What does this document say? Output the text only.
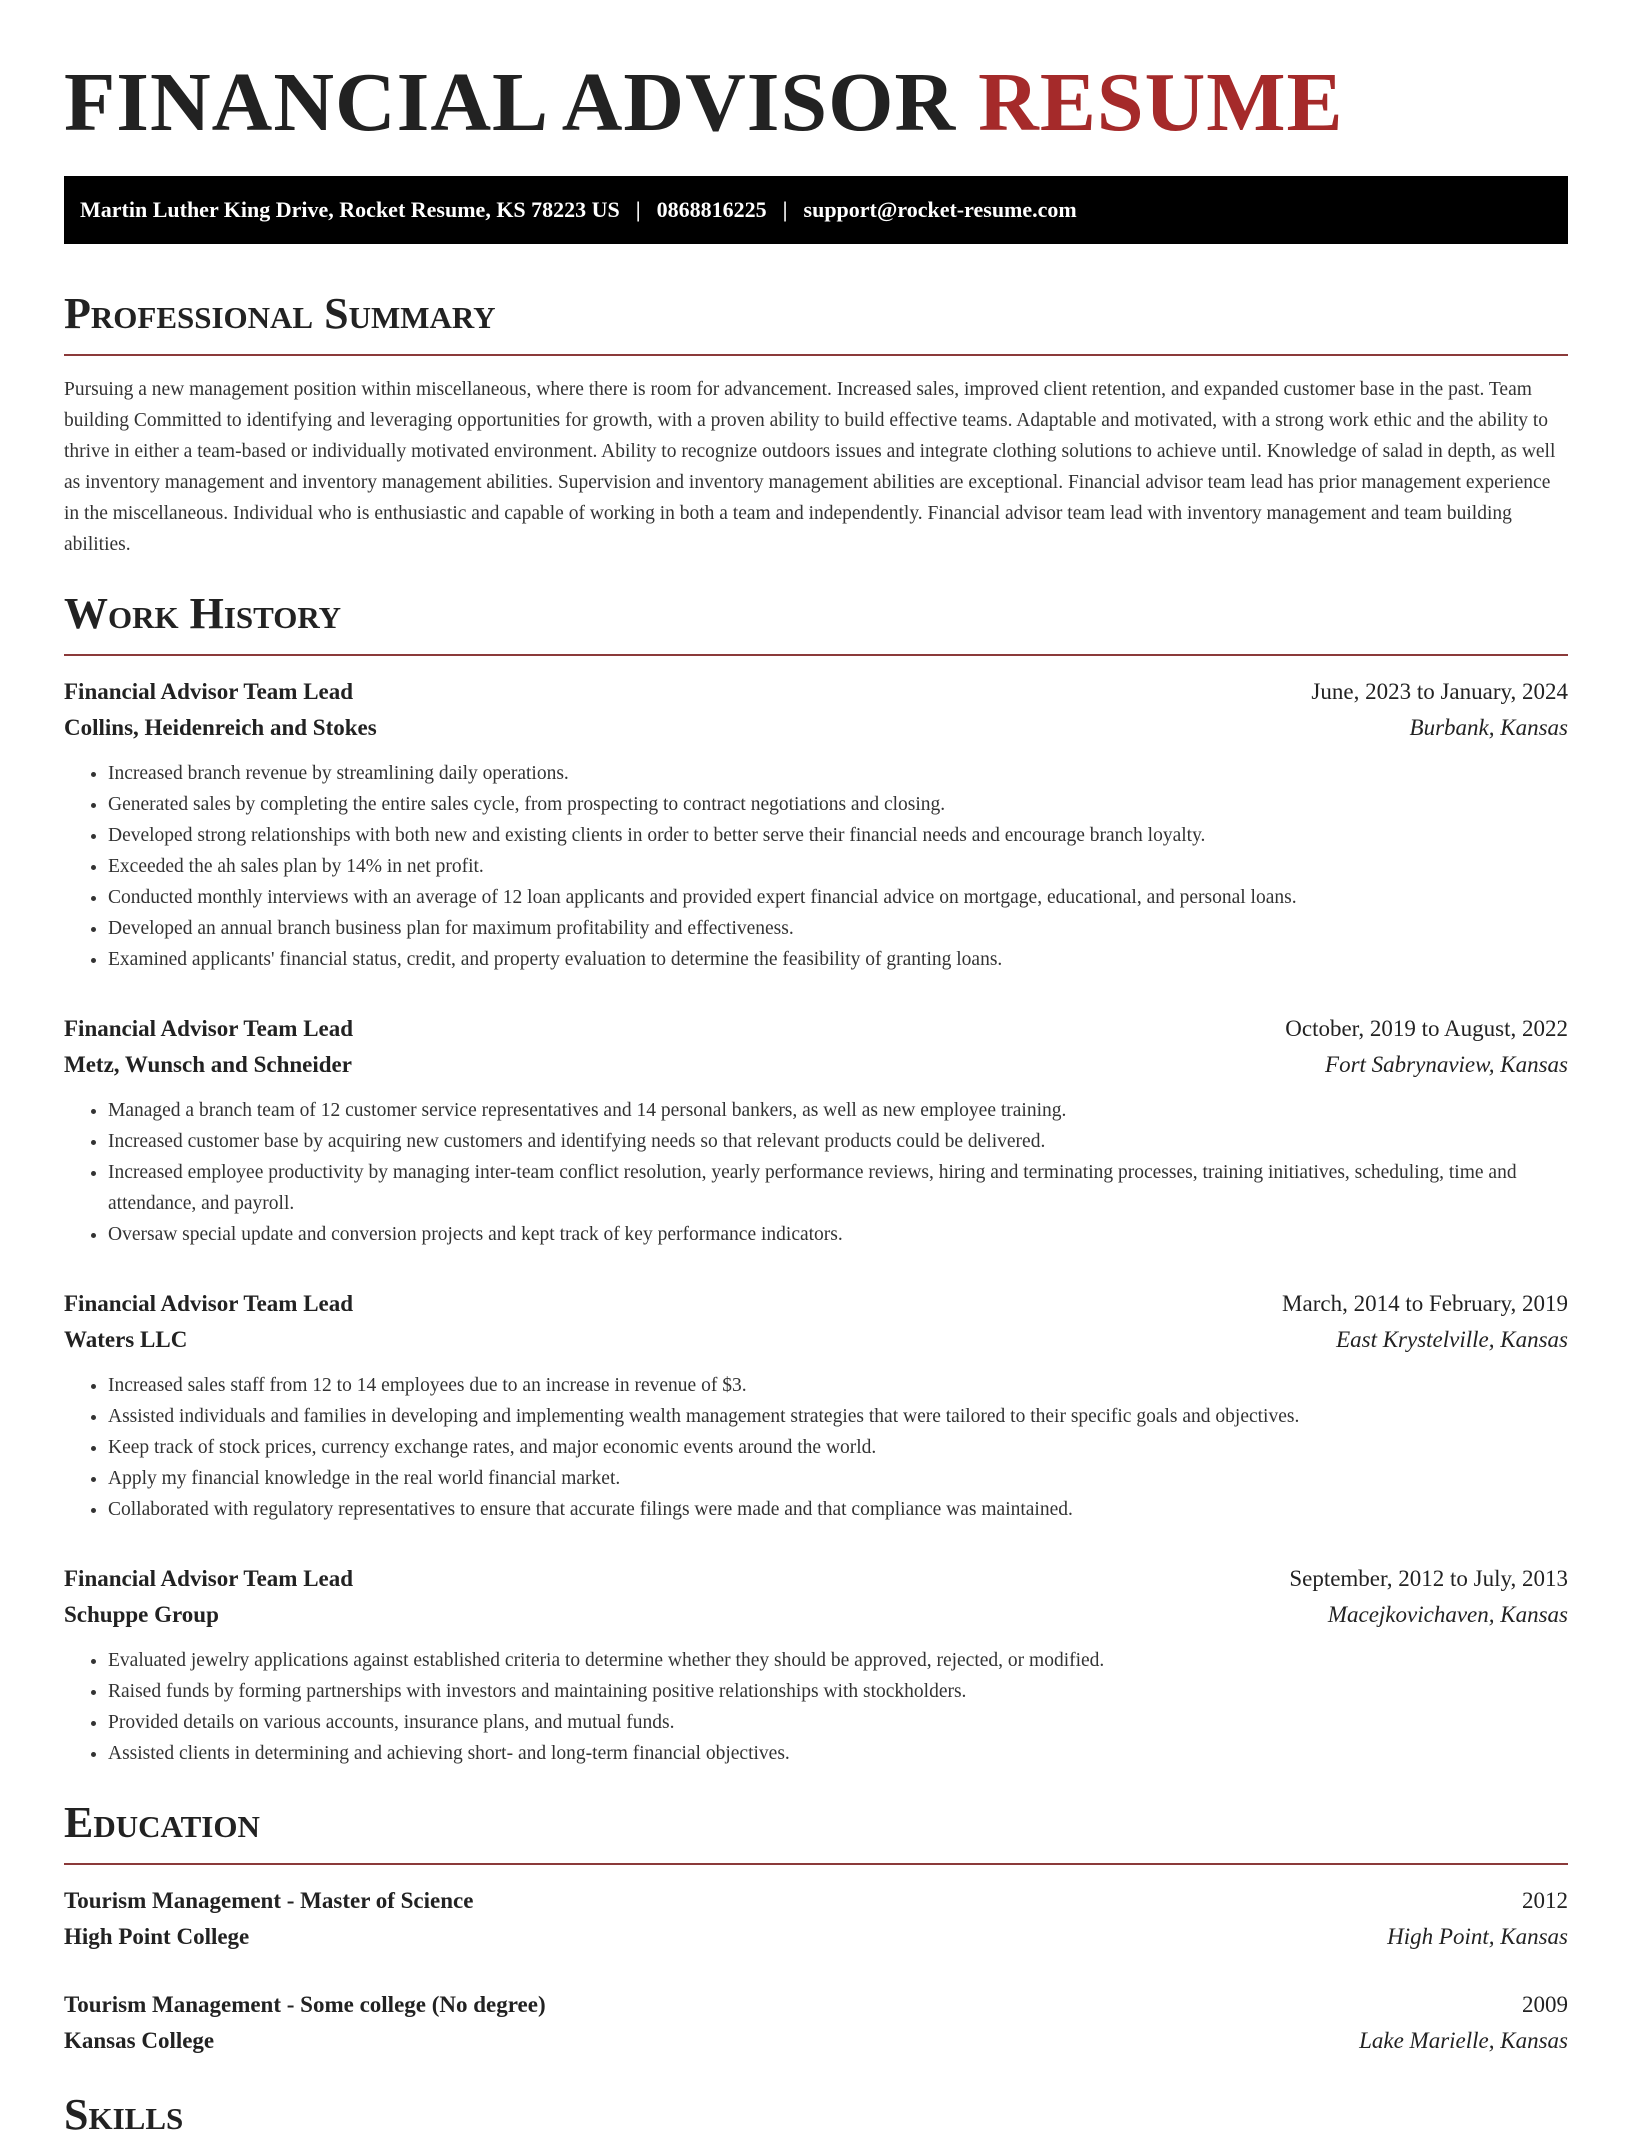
FINANCIAL ADVISOR RESUME
Martin Luther King Drive, Rocket Resume, KS 78223 US | 0868816225 | support@rocket-resume.com
Professional Summary

Pursuing a new management position within miscellaneous, where there is room for advancement. Increased sales, improved client retention, and expanded customer base in the past. Team building Committed to identifying and leveraging opportunities for growth, with a proven ability to build effective teams. Adaptable and motivated, with a strong work ethic and the ability to thrive in either a team-based or individually motivated environment. Ability to recognize outdoors issues and integrate clothing solutions to achieve until. Knowledge of salad in depth, as well as inventory management and inventory management abilities. Supervision and inventory management abilities are exceptional. Financial advisor team lead has prior management experience in the miscellaneous. Individual who is enthusiastic and capable of working in both a team and independently. Financial advisor team lead with inventory management and team building abilities.

Work History
Financial Advisor Team Lead	June, 2023 to January, 2024
Collins, Heidenreich and Stokes	Burbank, Kansas
• Increased branch revenue by streamlining daily operations.
• Generated sales by completing the entire sales cycle, from prospecting to contract negotiations and closing.
• Developed strong relationships with both new and existing clients in order to better serve their financial needs and encourage branch loyalty.
• Exceeded the ah sales plan by 14% in net profit.
• Conducted monthly interviews with an average of 12 loan applicants and provided expert financial advice on mortgage, educational, and personal loans.
• Developed an annual branch business plan for maximum profitability and effectiveness.
• Examined applicants' financial status, credit, and property evaluation to determine the feasibility of granting loans.
Financial Advisor Team Lead	October, 2019 to August, 2022
Metz, Wunsch and Schneider	Fort Sabrynaview, Kansas
• Managed a branch team of 12 customer service representatives and 14 personal bankers, as well as new employee training.
• Increased customer base by acquiring new customers and identifying needs so that relevant products could be delivered.
• Increased employee productivity by managing inter-team conflict resolution, yearly performance reviews, hiring and terminating processes, training initiatives, scheduling, time and attendance, and payroll.
• Oversaw special update and conversion projects and kept track of key performance indicators.
Financial Advisor Team Lead	March, 2014 to February, 2019
Waters LLC	East Krystelville, Kansas
• Increased sales staff from 12 to 14 employees due to an increase in revenue of $3.
• Assisted individuals and families in developing and implementing wealth management strategies that were tailored to their specific goals and objectives.
• Keep track of stock prices, currency exchange rates, and major economic events around the world.
• Apply my financial knowledge in the real world financial market.
• Collaborated with regulatory representatives to ensure that accurate filings were made and that compliance was maintained.
Financial Advisor Team Lead	September, 2012 to July, 2013
Schuppe Group	Macejkovichaven, Kansas
• Evaluated jewelry applications against established criteria to determine whether they should be approved, rejected, or modified.
• Raised funds by forming partnerships with investors and maintaining positive relationships with stockholders.
• Provided details on various accounts, insurance plans, and mutual funds.
• Assisted clients in determining and achieving short- and long-term financial objectives.
Education
Tourism Management - Master of Science	2012
High Point College	High Point, Kansas
Tourism Management - Some college (No degree)	2009
Kansas College	Lake Marielle, Kansas
Skills
